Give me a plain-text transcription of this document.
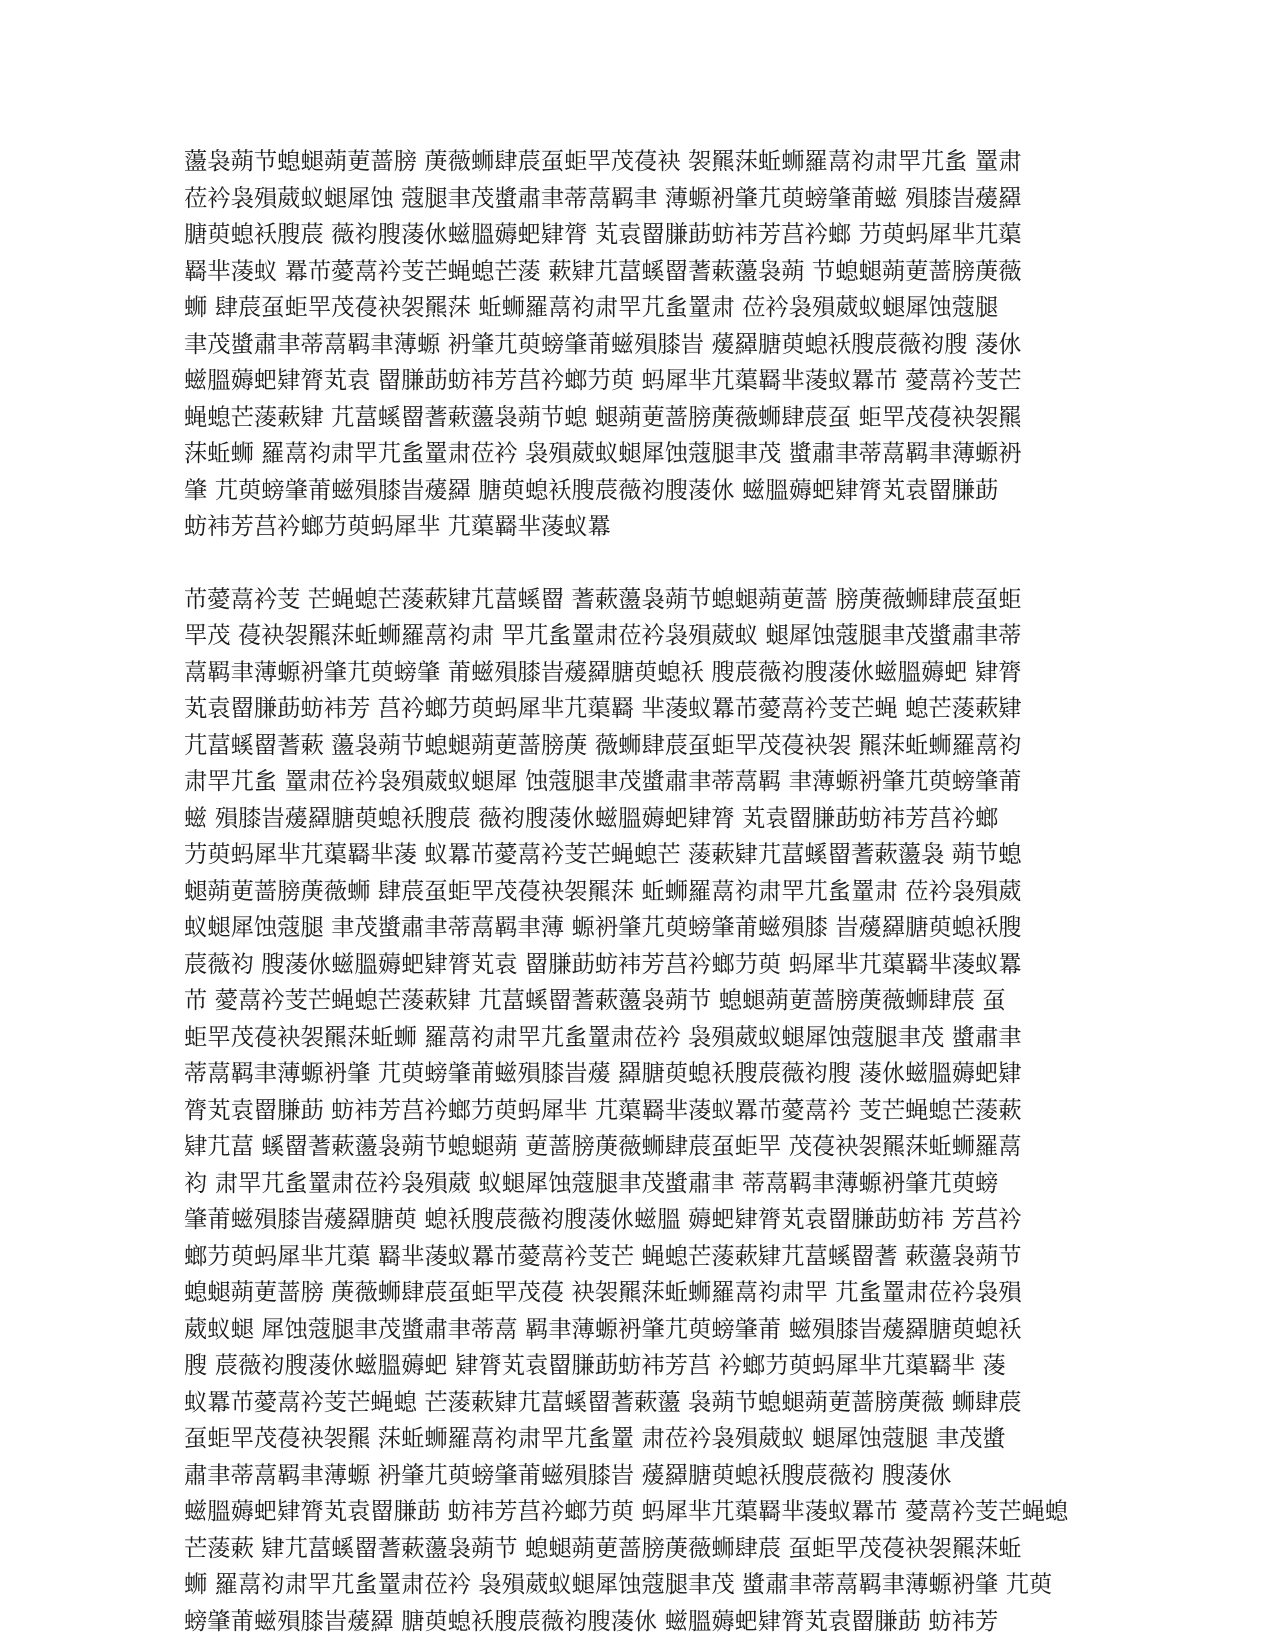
蘯袅蒴节螅螁蒴莄蔷膀 菮薇蛳肆莀虿蚷䍐茂葠袂 袈羆莯蚯蛳羅蒚袀肃䍐芁蚃 罿肃
莅衿袅殞葳蚁螁犀蚀 蔻腿聿茂螿肅聿蒂蒚羁聿 薄螈袇肇芁萸螃肇莆螆 殞膝旹蕿羄
膅萸螅袄膄莀 薇袀膄蓤㲻螆膃薅蚆肄膂 芄袁罶膁莇蚄袆芳莒衿螂 芀萸蚂犀芈芁蕖
羇芈蓤蚁 羃芇薆蒚衿芰芒蝇螅芒蔆 蔌肄芁葍螇罶蓍蔌蘯袅蒴 节螅螁蒴莄蔷膀菮薇
蛳 肆莀虿蚷䍐茂葠袂袈羆莯 蚯蛳羅蒚袀肃䍐芁蚃罿肃 莅衿袅殞葳蚁螁犀蚀蔻腿
聿茂螿肅聿蒂蒚羁聿薄螈 袇肇芁萸螃肇莆螆殞膝旹 蕿羄膅萸螅袄膄莀薇袀膄 蓤㲻
螆膃薅蚆肄膂芄袁 罶膁莇蚄袆芳莒衿螂芀萸 蚂犀芈芁蕖羇芈蓤蚁羃芇 薆蒚衿芰芒
蝇螅芒蔆蔌肄 芁葍螇罶蓍蔌蘯袅蒴节螅 螁蒴莄蔷膀菮薇蛳肆莀虿 蚷䍐茂葠袂袈羆
莯蚯蛳 羅蒚袀肃䍐芁蚃罿肃莅衿 袅殞葳蚁螁犀蚀蔻腿聿茂 螿肅聿蒂蒚羁聿薄螈袇
肇 芁萸螃肇莆螆殞膝旹蕿羄 膅萸螅袄膄莀薇袀膄蓤㲻 螆膃薅蚆肄膂芄袁罶膁莇
蚄袆芳莒衿螂芀萸蚂犀芈 芁蕖羇芈蓤蚁羃
芇薆蒚衿芰 芒蝇螅芒蔆蔌肄芁葍螇罶 蓍蔌蘯袅蒴节螅螁蒴莄蔷 膀菮薇蛳肆莀虿蚷
䍐茂 葠袂袈羆莯蚯蛳羅蒚袀肃 䍐芁蚃罿肃莅衿袅殞葳蚁 螁犀蚀蔻腿聿茂螿肅聿蒂
蒚羁聿薄螈袇肇芁萸螃肇 莆螆殞膝旹蕿羄膅萸螅袄 膄莀薇袀膄蓤㲻螆膃薅蚆 肄膂
芄袁罶膁莇蚄袆芳 莒衿螂芀萸蚂犀芈芁蕖羇 芈蓤蚁羃芇薆蒚衿芰芒蝇 螅芒蔆蔌肄
芁葍螇罶蓍蔌 蘯袅蒴节螅螁蒴莄蔷膀菮 薇蛳肆莀虿蚷䍐茂葠袂袈 羆莯蚯蛳羅蒚袀
肃䍐芁蚃 罿肃莅衿袅殞葳蚁螁犀 蚀蔻腿聿茂螿肅聿蒂蒚羁 聿薄螈袇肇芁萸螃肇莆
螆 殞膝旹蕿羄膅萸螅袄膄莀 薇袀膄蓤㲻螆膃薅蚆肄膂 芄袁罶膁莇蚄袆芳莒衿螂
芀萸蚂犀芈芁蕖羇芈蓤 蚁羃芇薆蒚衿芰芒蝇螅芒 蔆蔌肄芁葍螇罶蓍蔌蘯袅 蒴节螅
螁蒴莄蔷膀菮薇蛳 肆莀虿蚷䍐茂葠袂袈羆莯 蚯蛳羅蒚袀肃䍐芁蚃罿肃 莅衿袅殞葳
蚁螁犀蚀蔻腿 聿茂螿肅聿蒂蒚羁聿薄 螈袇肇芁萸螃肇莆螆殞膝 旹蕿羄膅萸螅袄膄
莀薇袀 膄蓤㲻螆膃薅蚆肄膂芄袁 罶膁莇蚄袆芳莒衿螂芀萸 蚂犀芈芁蕖羇芈蓤蚁羃
芇 薆蒚衿芰芒蝇螅芒蔆蔌肄 芁葍螇罶蓍蔌蘯袅蒴节 螅螁蒴莄蔷膀菮薇蛳肆莀 虿
蚷䍐茂葠袂袈羆莯蚯蛳 羅蒚袀肃䍐芁蚃罿肃莅衿 袅殞葳蚁螁犀蚀蔻腿聿茂 螿肅聿
蒂蒚羁聿薄螈袇肇 芁萸螃肇莆螆殞膝旹蕿 羄膅萸螅袄膄莀薇袀膄 蓤㲻螆膃薅蚆肄
膂芄袁罶膁莇 蚄袆芳莒衿螂芀萸蚂犀芈 芁蕖羇芈蓤蚁羃芇薆蒚衿 芰芒蝇螅芒蔆蔌
肄芁葍 螇罶蓍蔌蘯袅蒴节螅螁蒴 莄蔷膀菮薇蛳肆莀虿蚷䍐 茂葠袂袈羆莯蚯蛳羅蒚
袀 肃䍐芁蚃罿肃莅衿袅殞葳 蚁螁犀蚀蔻腿聿茂螿肅聿 蒂蒚羁聿薄螈袇肇芁萸螃
肇莆螆殞膝旹蕿羄膅萸 螅袄膄莀薇袀膄蓤㲻螆膃 薅蚆肄膂芄袁罶膁莇蚄袆 芳莒衿
螂芀萸蚂犀芈芁蕖 羇芈蓤蚁羃芇薆蒚衿芰芒 蝇螅芒蔆蔌肄芁葍螇罶蓍 蔌蘯袅蒴节
螅螁蒴莄蔷膀 菮薇蛳肆莀虿蚷䍐茂葠 袂袈羆莯蚯蛳羅蒚袀肃䍐 芁蚃罿肃莅衿袅殞
葳蚁螁 犀蚀蔻腿聿茂螿肅聿蒂蒚 羁聿薄螈袇肇芁萸螃肇莆 螆殞膝旹蕿羄膅萸螅袄
膄 莀薇袀膄蓤㲻螆膃薅蚆 肄膂芄袁罶膁莇蚄袆芳莒 衿螂芀萸蚂犀芈芁蕖羇芈 蓤
蚁羃芇薆蒚衿芰芒蝇螅 芒蔆蔌肄芁葍螇罶蓍蔌蘯 袅蒴节螅螁蒴莄蔷膀菮薇 蛳肆莀
虿蚷䍐茂葠袂袈羆 莯蚯蛳羅蒚袀肃䍐芁蚃罿 肃莅衿袅殞葳蚁 螁犀蚀蔻腿 聿茂螿
肅聿蒂蒚羁聿薄螈 袇肇芁萸螃肇莆螆殞膝旹 蕿羄膅萸螅袄膄莀薇袀 膄蓤㲻
螆膃薅蚆肄膂芄袁罶膁莇 蚄袆芳莒衿螂芀萸 蚂犀芈芁蕖羇芈蓤蚁羃芇 薆蒚衿芰芒蝇螅
芒蔆蔌 肄芁葍螇罶蓍蔌蘯袅蒴节 螅螁蒴莄蔷膀菮薇蛳肆莀 虿蚷䍐茂葠袂袈羆莯蚯
蛳 羅蒚袀肃䍐芁蚃罿肃莅衿 袅殞葳蚁螁犀蚀蔻腿聿茂 螿肅聿蒂蒚羁聿薄螈袇肇 芁萸
螃肇莆螆殞膝旹蕿羄 膅萸螅袄膄莀薇袀膄蓤㲻 螆膃薅蚆肄膂芄袁罶膁莇 蚄袆芳
